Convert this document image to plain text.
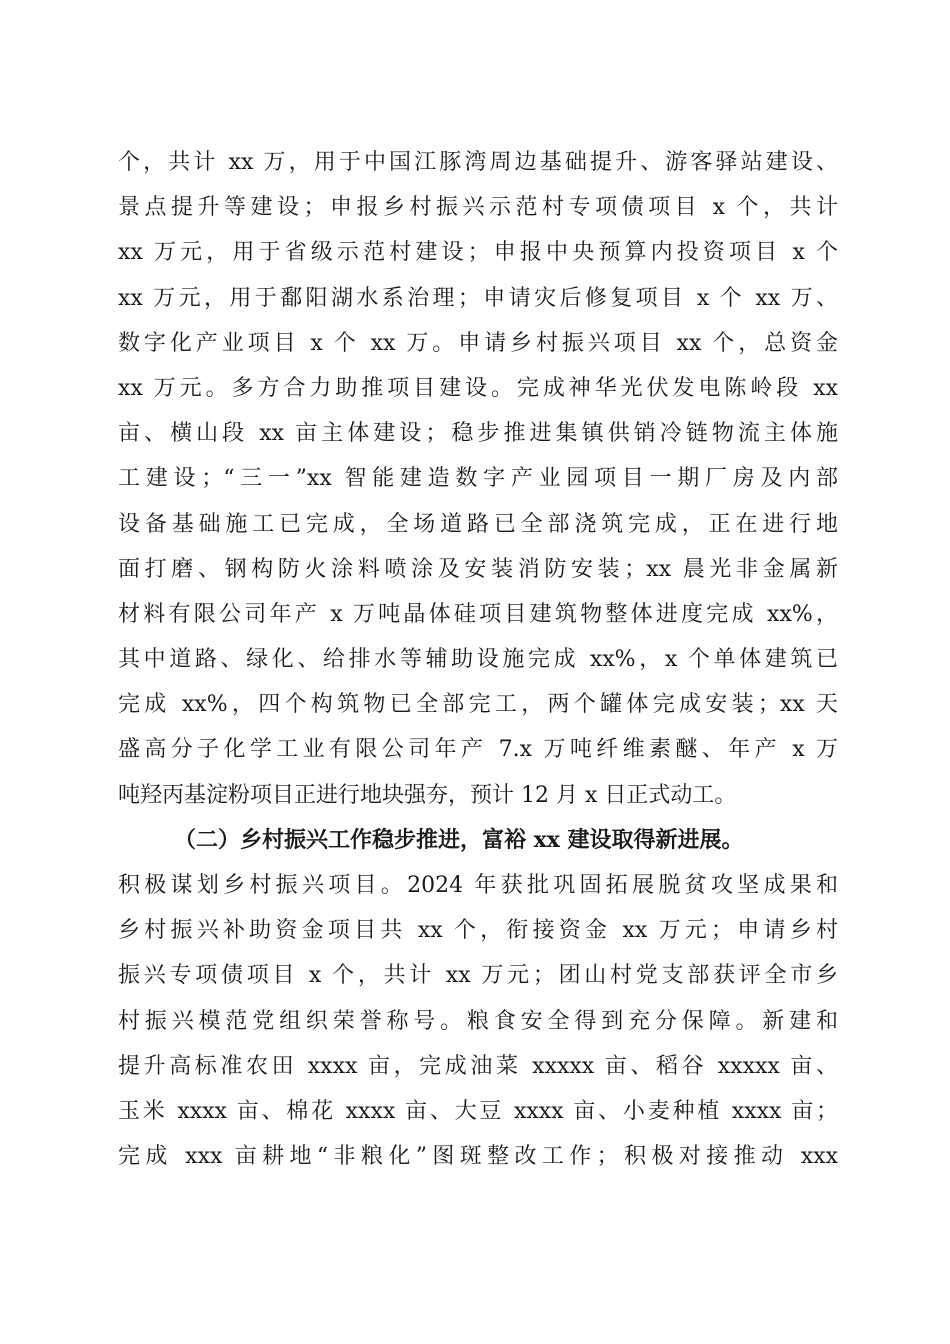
个，共计 xx 万，用于中国江豚湾周边基础提升、游客驿站建设、
景点提升等建设；申报乡村振兴示范村专项债项目 x 个，共计
xx 万元，用于省级示范村建设；申报中央预算内投资项目 x 个
xx 万元，用于鄱阳湖水系治理；申请灾后修复项目 x 个 xx 万、
数字化产业项目 x 个 xx 万。申请乡村振兴项目 xx 个，总资金
xx 万元。多方合力助推项目建设。完成神华光伏发电陈岭段 xx
亩、横山段 xx 亩主体建设；稳步推进集镇供销冷链物流主体施
工建设；“三一”xx 智能建造数字产业园项目一期厂房及内部
设备基础施工已完成，全场道路已全部浇筑完成，正在进行地
面打磨、钢构防火涂料喷涂及安装消防安装；xx 晨光非金属新
材料有限公司年产 x 万吨晶体硅项目建筑物整体进度完成 xx%，
其中道路、绿化、给排水等辅助设施完成 xx%，x 个单体建筑已
完成 xx%，四个构筑物已全部完工，两个罐体完成安装；xx 天
盛高分子化学工业有限公司年产 7.x 万吨纤维素醚、年产 x 万
吨羟丙基淀粉项目正进行地块强夯，预计 12 月 x 日正式动工。
（二）乡村振兴工作稳步推进，富裕 xx 建设取得新进展。
积极谋划乡村振兴项目。2024 年获批巩固拓展脱贫攻坚成果和
乡村振兴补助资金项目共 xx 个，衔接资金 xx 万元；申请乡村
振兴专项债项目 x 个，共计 xx 万元；团山村党支部获评全市乡
村振兴模范党组织荣誉称号。粮食安全得到充分保障。新建和
提升高标准农田 xxxx 亩，完成油菜 xxxxx 亩、稻谷 xxxxx 亩、
玉米 xxxx 亩、棉花 xxxx 亩、大豆 xxxx 亩、小麦种植 xxxx 亩；
完成 xxx 亩耕地“非粮化”图斑整改工作；积极对接推动 xxx
